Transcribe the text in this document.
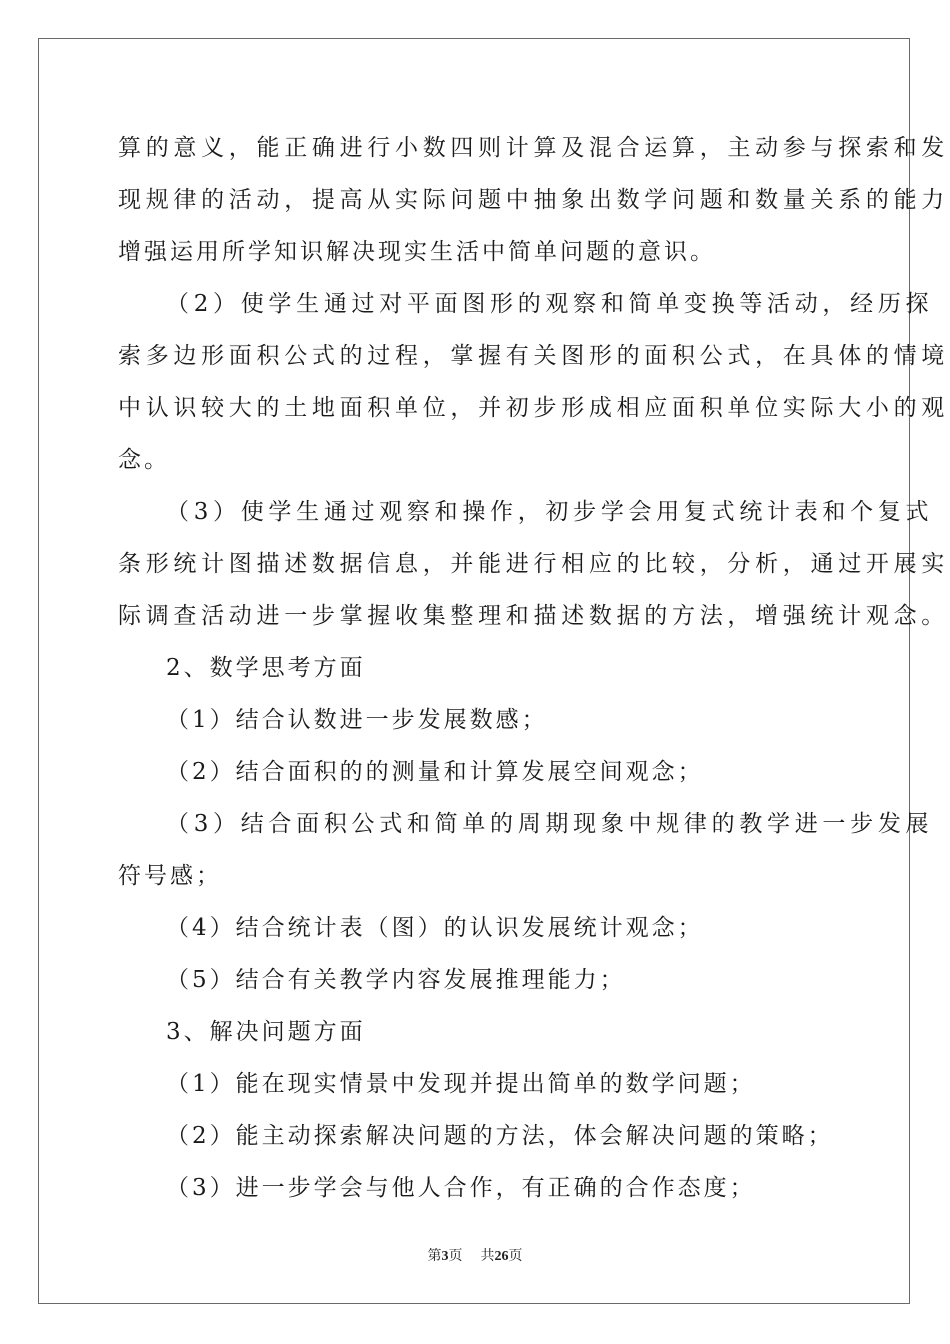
算的意义，能正确进行小数四则计算及混合运算，主动参与探索和发
现规律的活动，提高从实际问题中抽象出数学问题和数量关系的能力
增强运用所学知识解决现实生活中简单问题的意识。
（2）使学生通过对平面图形的观察和简单变换等活动，经历探
索多边形面积公式的过程，掌握有关图形的面积公式，在具体的情境
中认识较大的土地面积单位，并初步形成相应面积单位实际大小的观
念。
（3）使学生通过观察和操作，初步学会用复式统计表和个复式
条形统计图描述数据信息，并能进行相应的比较，分析，通过开展实
际调查活动进一步掌握收集整理和描述数据的方法，增强统计观念。
2、数学思考方面
（1）结合认数进一步发展数感；
（2）结合面积的的测量和计算发展空间观念；
（3）结合面积公式和简单的周期现象中规律的教学进一步发展
符号感；
（4）结合统计表（图）的认识发展统计观念；
（5）结合有关教学内容发展推理能力；
3、解决问题方面
（1）能在现实情景中发现并提出简单的数学问题；
（2）能主动探索解决问题的方法，体会解决问题的策略；
（3）进一步学会与他人合作，有正确的合作态度；
第3页 共26页
